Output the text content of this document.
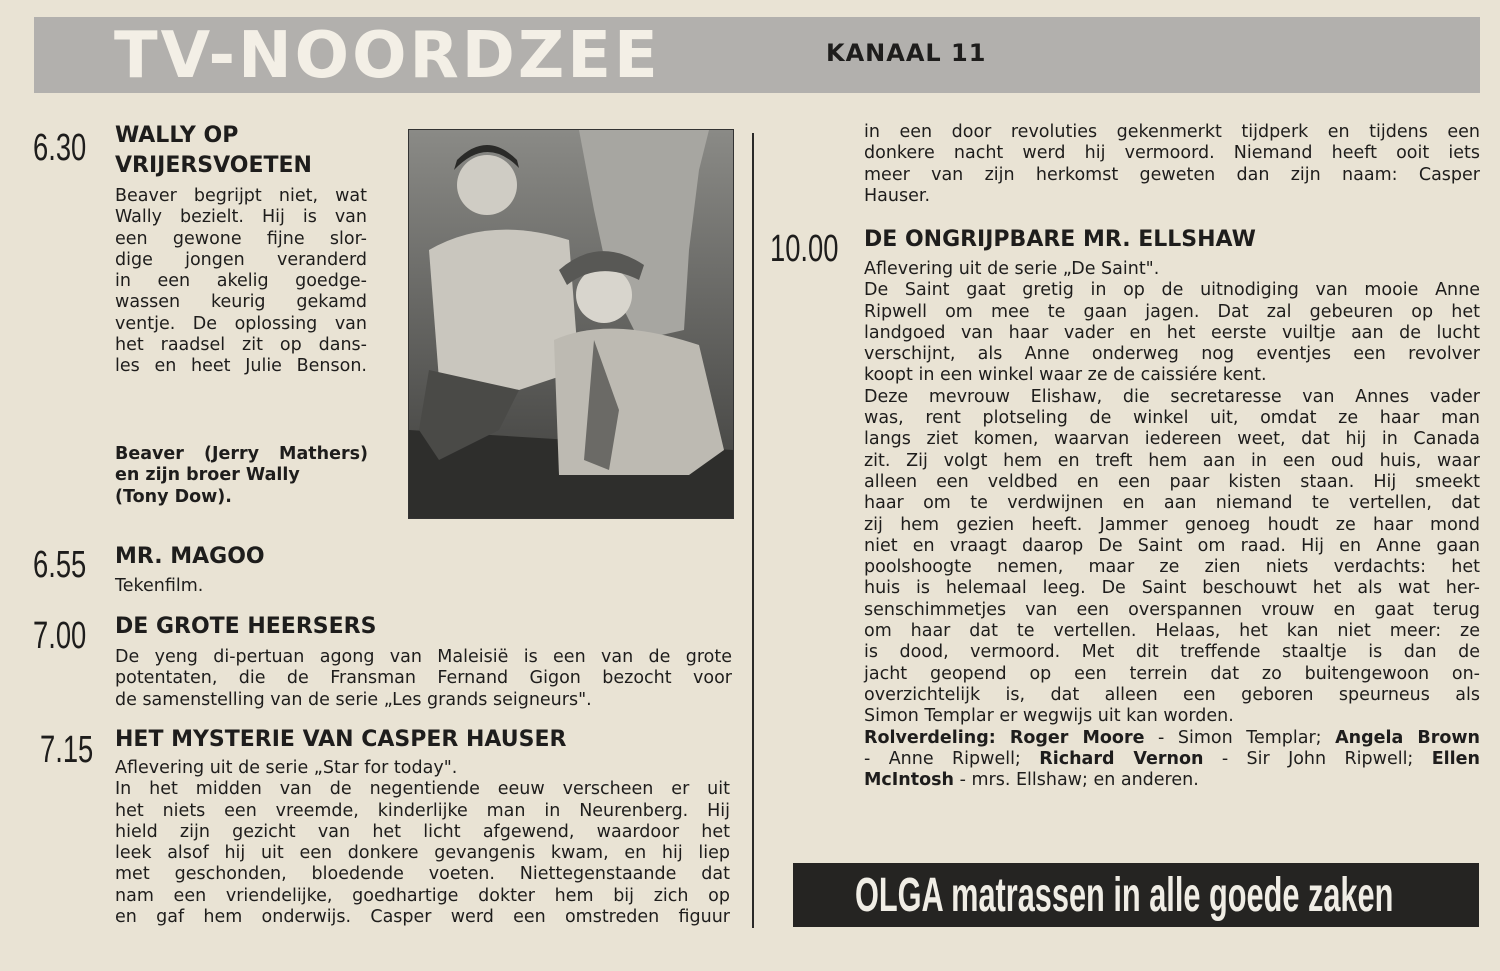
TV-NOORDZEE	KANAAL 11
6.30 WALLY OP
VRIJERSVOETEN
Beaver begrijpt niet, wat
Wally bezielt. Hij is van
een gewone fijne slor-
dige jongen veranderd
in een akelig goedge-
wassen keurig gekamd
ventje. De oplossing van
het raadsel zit op dans-
les en heet Julie Benson.
Beaver (Jerry Mathers)
en zijn broer Wally
(Tony Dow).
6.55 MR. MAGOO
Tekenfilm.
7.00 DE GROTE HEERSERS
De yeng di-pertuan agong van Maleisië is een van de grote
potentaten, die de Fransman Fernand Gigon bezocht voor
de samenstelling van de serie „Les grands seigneurs".
7.15 HET MYSTERIE VAN CASPER HAUSER
Aflevering uit de serie „Star for today".
In het midden van de negentiende eeuw verscheen er uit
het niets een vreemde, kinderlijke man in Neurenberg. Hij
hield zijn gezicht van het licht afgewend, waardoor het
leek alsof hij uit een donkere gevangenis kwam, en hij liep
met geschonden, bloedende voeten. Niettegenstaande dat
nam een vriendelijke, goedhartige dokter hem bij zich op
en gaf hem onderwijs. Casper werd een omstreden figuur
in een door revoluties gekenmerkt tijdperk en tijdens een
donkere nacht werd hij vermoord. Niemand heeft ooit iets
meer van zijn herkomst geweten dan zijn naam: Casper
Hauser.
10.00 DE ONGRIJPBARE MR. ELLSHAW
Aflevering uit de serie „De Saint".
De Saint gaat gretig in op de uitnodiging van mooie Anne
Ripwell om mee te gaan jagen. Dat zal gebeuren op het
landgoed van haar vader en het eerste vuiltje aan de lucht
verschijnt, als Anne onderweg nog eventjes een revolver
koopt in een winkel waar ze de caissiére kent.
Deze mevrouw Elishaw, die secretaresse van Annes vader
was, rent plotseling de winkel uit, omdat ze haar man
langs ziet komen, waarvan iedereen weet, dat hij in Canada
zit. Zij volgt hem en treft hem aan in een oud huis, waar
alleen een veldbed en een paar kisten staan. Hij smeekt
haar om te verdwijnen en aan niemand te vertellen, dat
zij hem gezien heeft. Jammer genoeg houdt ze haar mond
niet en vraagt daarop De Saint om raad. Hij en Anne gaan
poolshoogte nemen, maar ze zien niets verdachts: het
huis is helemaal leeg. De Saint beschouwt het als wat her-
senschimmetjes van een overspannen vrouw en gaat terug
om haar dat te vertellen. Helaas, het kan niet meer: ze
is dood, vermoord. Met dit treffende staaltje is dan de
jacht geopend op een terrein dat zo buitengewoon on-
overzichtelijk is, dat alleen een geboren speurneus als
Simon Templar er wegwijs uit kan worden.
Rolverdeling: Roger Moore - Simon Templar; Angela Brown
- Anne Ripwell; Richard Vernon - Sir John Ripwell; Ellen
McIntosh - mrs. Ellshaw; en anderen.
OLGA matrassen in alle goede zaken
